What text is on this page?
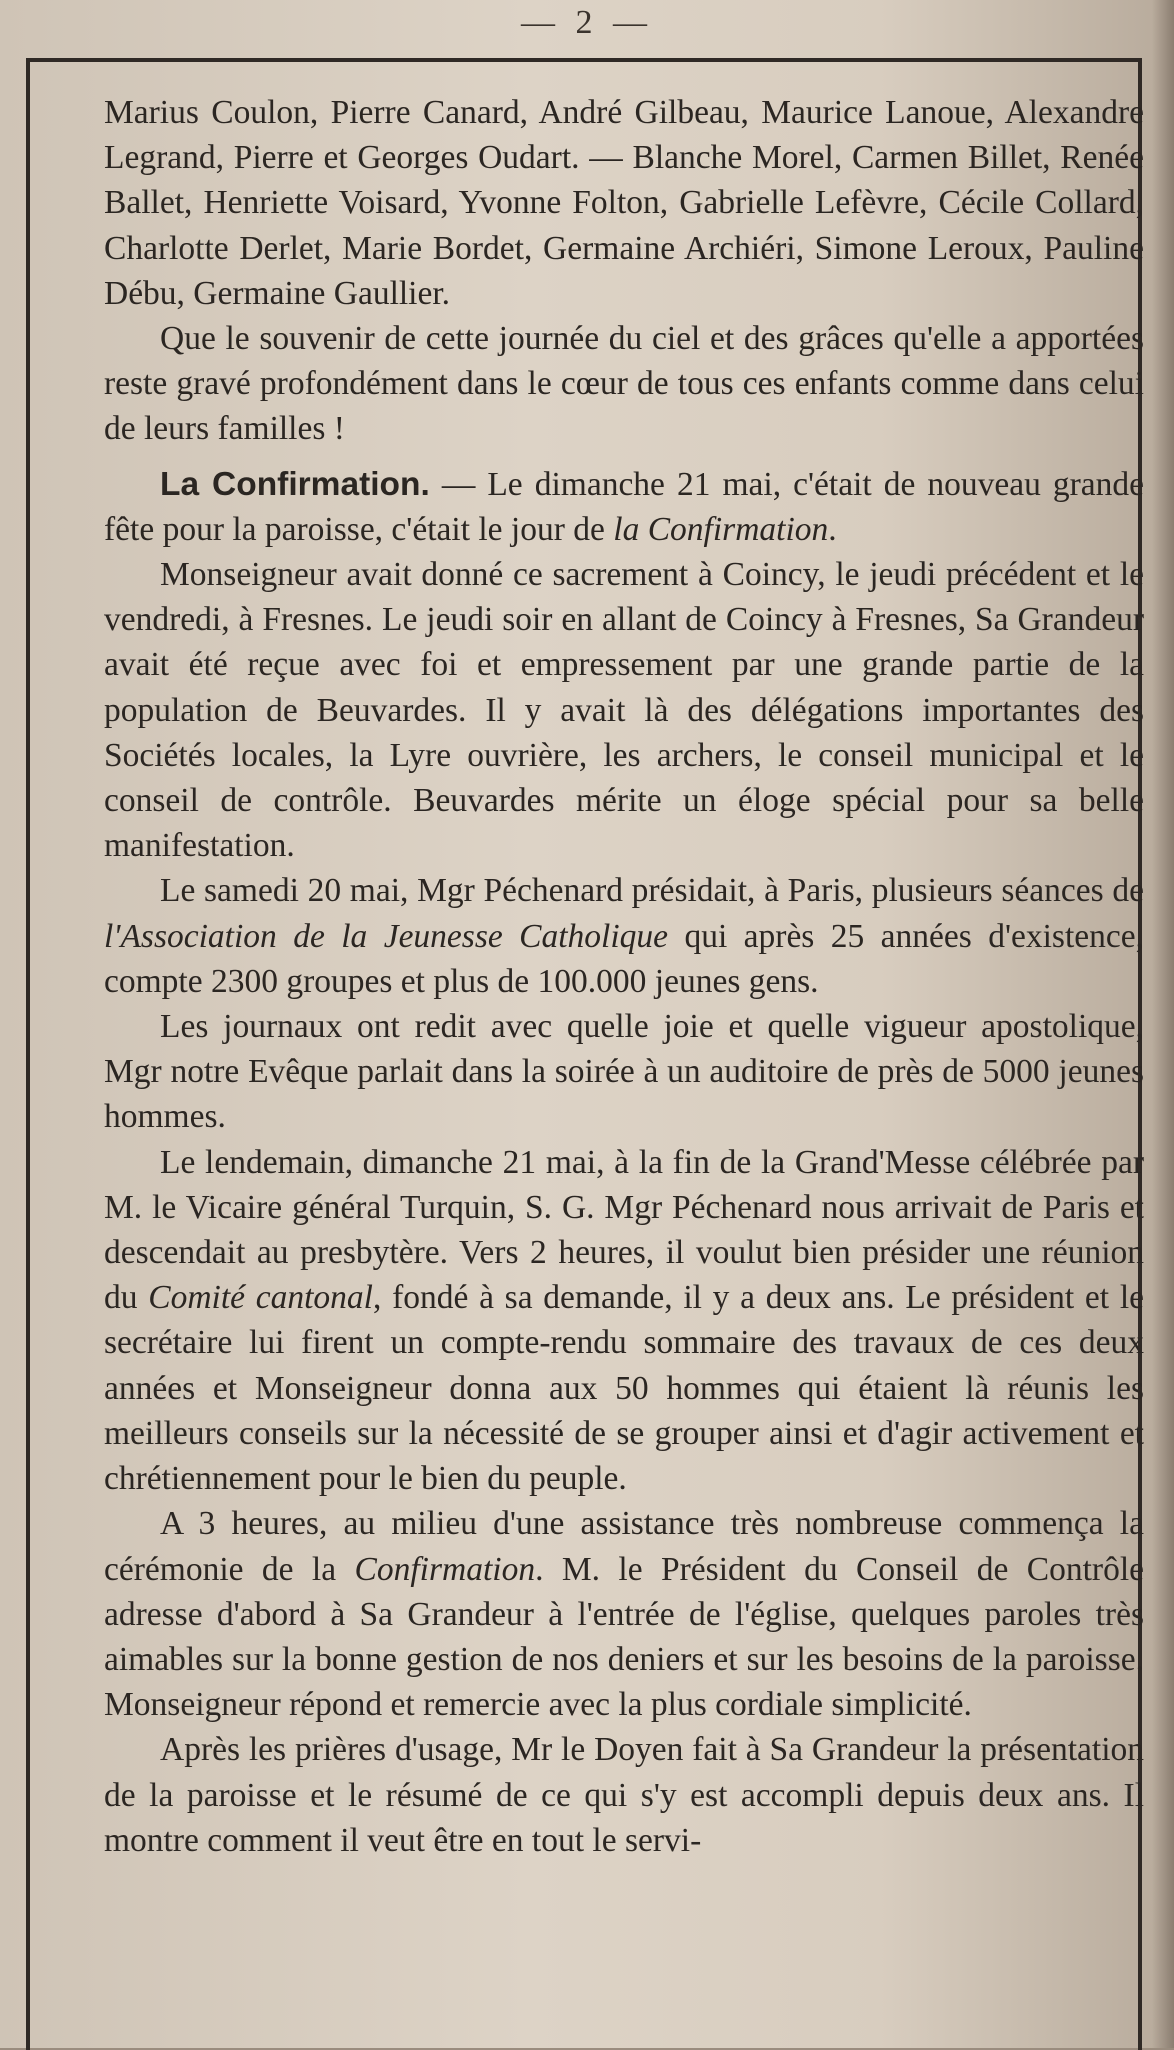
— 2 —

Marius Coulon, Pierre Canard, André Gilbeau, Maurice Lanoue, Alexandre Legrand, Pierre et Georges Oudart. — Blanche Morel, Carmen Billet, Renée Ballet, Henriette Voisard, Yvonne Folton, Gabrielle Lefèvre, Cécile Collard, Charlotte Derlet, Marie Bordet, Germaine Archiéri, Simone Leroux, Pauline Débu, Germaine Gaullier.

Que le souvenir de cette journée du ciel et des grâces qu'elle a apportées reste gravé profondément dans le cœur de tous ces enfants comme dans celui de leurs familles !

La Confirmation. — Le dimanche 21 mai, c'était de nouveau grande fête pour la paroisse, c'était le jour de la Confirmation.

Monseigneur avait donné ce sacrement à Coincy, le jeudi précédent et le vendredi, à Fresnes. Le jeudi soir en allant de Coincy à Fresnes, Sa Grandeur avait été reçue avec foi et empressement par une grande partie de la population de Beuvardes. Il y avait là des délégations importantes des Sociétés locales, la Lyre ouvrière, les archers, le conseil municipal et le conseil de contrôle. Beuvardes mérite un éloge spécial pour sa belle manifestation.

Le samedi 20 mai, Mgr Péchenard présidait, à Paris, plusieurs séances de l'Association de la Jeunesse Catholique qui après 25 années d'existence, compte 2300 groupes et plus de 100.000 jeunes gens.

Les journaux ont redit avec quelle joie et quelle vigueur apostolique, Mgr notre Evêque parlait dans la soirée à un auditoire de près de 5000 jeunes hommes.

Le lendemain, dimanche 21 mai, à la fin de la Grand'Messe célébrée par M. le Vicaire général Turquin, S. G. Mgr Péchenard nous arrivait de Paris et descendait au presbytère. Vers 2 heures, il voulut bien présider une réunion du Comité cantonal, fondé à sa demande, il y a deux ans. Le président et le secrétaire lui firent un compte-rendu sommaire des travaux de ces deux années et Monseigneur donna aux 50 hommes qui étaient là réunis les meilleurs conseils sur la nécessité de se grouper ainsi et d'agir activement et chrétiennement pour le bien du peuple.

A 3 heures, au milieu d'une assistance très nombreuse commença la cérémonie de la Confirmation. M. le Président du Conseil de Contrôle adresse d'abord à Sa Grandeur à l'entrée de l'église, quelques paroles très aimables sur la bonne gestion de nos deniers et sur les besoins de la paroisse. Monseigneur répond et remercie avec la plus cordiale simplicité.

Après les prières d'usage, Mr le Doyen fait à Sa Grandeur la présentation de la paroisse et le résumé de ce qui s'y est accompli depuis deux ans. Il montre comment il veut être en tout le servi-
